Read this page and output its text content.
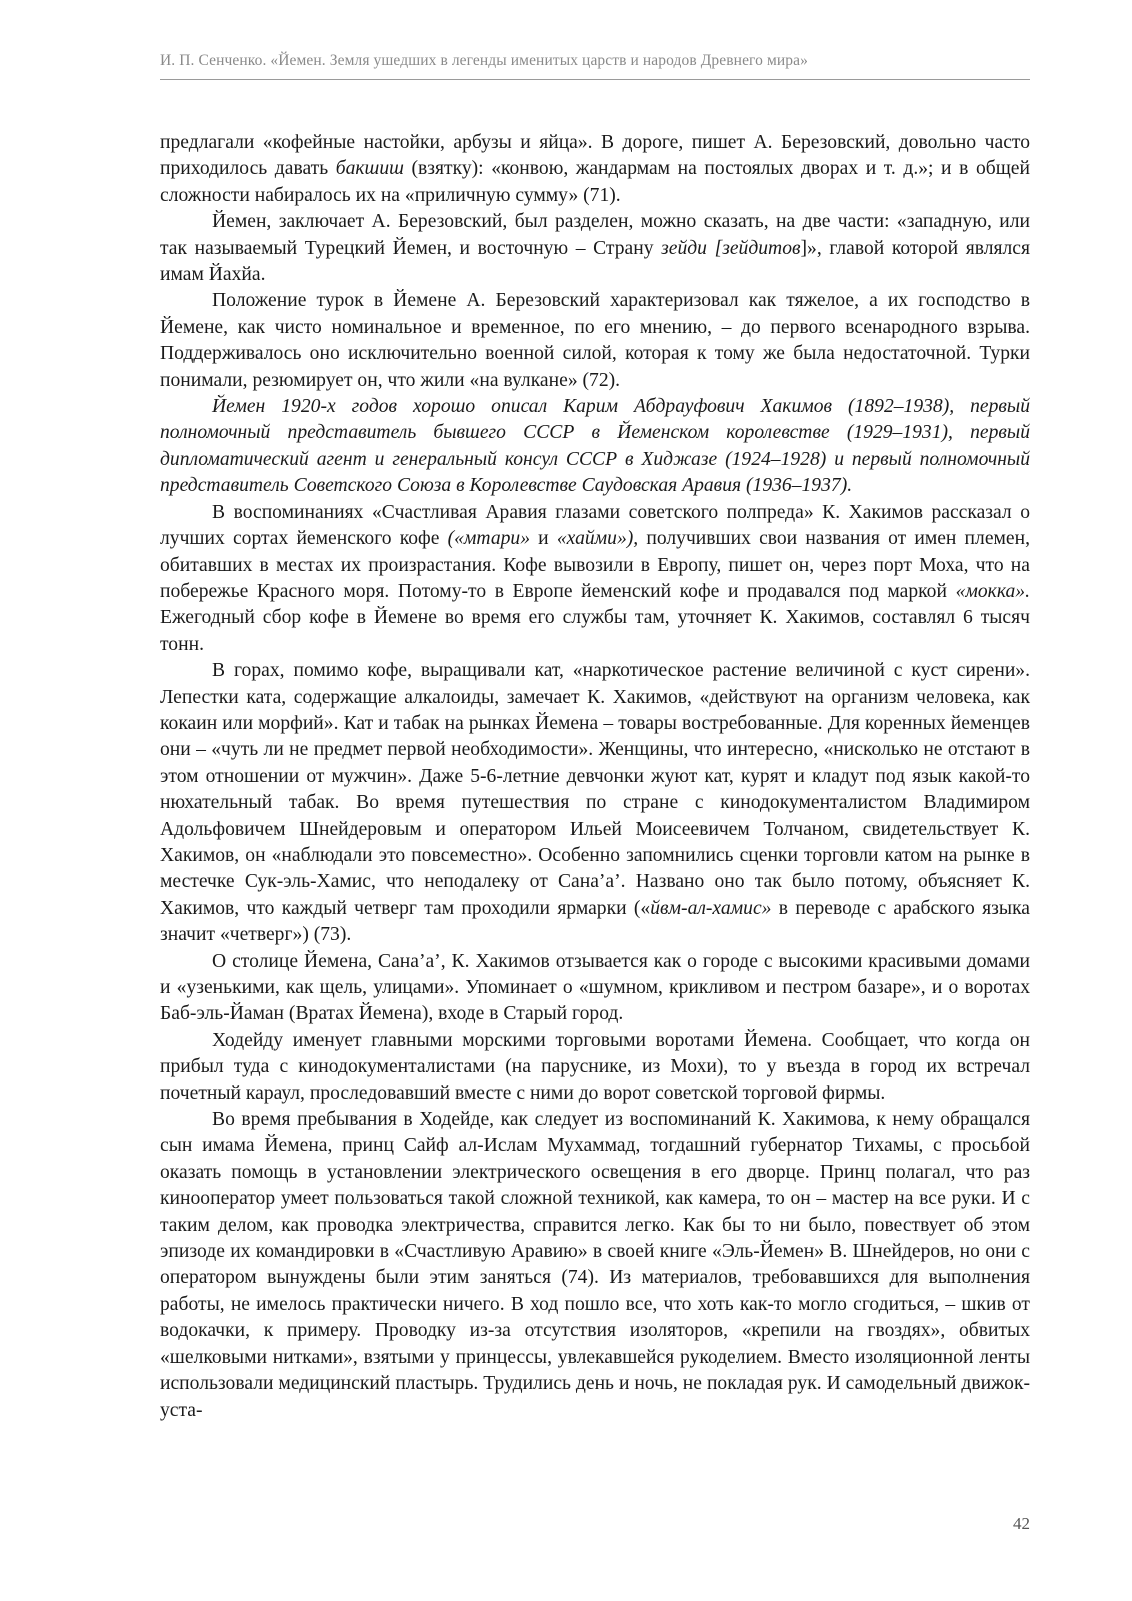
И. П. Сенченко. «Йемен. Земля ушедших в легенды именитых царств и народов Древнего мира»

предлагали «кофейные настойки, арбузы и яйца». В дороге, пишет А. Березовский, довольно часто приходилось давать бакшиш (взятку): «конвою, жандармам на постоялых дворах и т. д.»; и в общей сложности набиралось их на «приличную сумму» (71).

Йемен, заключает А. Березовский, был разделен, можно сказать, на две части: «западную, или так называемый Турецкий Йемен, и восточную – Страну зейди [зейдитов]», главой которой являлся имам Йахйа.

Положение турок в Йемене А. Березовский характеризовал как тяжелое, а их господство в Йемене, как чисто номинальное и временное, по его мнению, – до первого всенародного взрыва. Поддерживалось оно исключительно военной силой, которая к тому же была недостаточной. Турки понимали, резюмирует он, что жили «на вулкане» (72).

Йемен 1920-х годов хорошо описал Карим Абдрауфович Хакимов (1892–1938), первый полномочный представитель бывшего СССР в Йеменском королевстве (1929–1931), первый дипломатический агент и генеральный консул СССР в Хиджазе (1924–1928) и первый полномочный представитель Советского Союза в Королевстве Саудовская Аравия (1936–1937).

В воспоминаниях «Счастливая Аравия глазами советского полпреда» К. Хакимов рассказал о лучших сортах йеменского кофе («мтари» и «хайми»), получивших свои названия от имен племен, обитавших в местах их произрастания. Кофе вывозили в Европу, пишет он, через порт Моха, что на побережье Красного моря. Потому-то в Европе йеменский кофе и продавался под маркой «мокка». Ежегодный сбор кофе в Йемене во время его службы там, уточняет К. Хакимов, составлял 6 тысяч тонн.

В горах, помимо кофе, выращивали кат, «наркотическое растение величиной с куст сирени». Лепестки ката, содержащие алкалоиды, замечает К. Хакимов, «действуют на организм человека, как кокаин или морфий». Кат и табак на рынках Йемена – товары востребованные. Для коренных йеменцев они – «чуть ли не предмет первой необходимости». Женщины, что интересно, «нисколько не отстают в этом отношении от мужчин». Даже 5-6-летние девчонки жуют кат, курят и кладут под язык какой-то нюхательный табак. Во время путешествия по стране с кинодокументалистом Владимиром Адольфовичем Шнейдеровым и оператором Ильей Моисеевичем Толчаном, свидетельствует К. Хакимов, он «наблюдали это повсеместно». Особенно запомнились сценки торговли катом на рынке в местечке Сук-эль-Хамис, что неподалеку от Сана’а’. Названо оно так было потому, объясняет К. Хакимов, что каждый четверг там проходили ярмарки («йвм-ал-хамис» в переводе с арабского языка значит «четверг») (73).

О столице Йемена, Сана’а’, К. Хакимов отзывается как о городе с высокими красивыми домами и «узенькими, как щель, улицами». Упоминает о «шумном, крикливом и пестром базаре», и о воротах Баб-эль-Йаман (Вратах Йемена), входе в Старый город.

Ходейду именует главными морскими торговыми воротами Йемена. Сообщает, что когда он прибыл туда с кинодокументалистами (на паруснике, из Мохи), то у въезда в город их встречал почетный караул, проследовавший вместе с ними до ворот советской торговой фирмы.

Во время пребывания в Ходейде, как следует из воспоминаний К. Хакимова, к нему обращался сын имама Йемена, принц Сайф ал-Ислам Мухаммад, тогдашний губернатор Тихамы, с просьбой оказать помощь в установлении электрического освещения в его дворце. Принц полагал, что раз кинооператор умеет пользоваться такой сложной техникой, как камера, то он – мастер на все руки. И с таким делом, как проводка электричества, справится легко. Как бы то ни было, повествует об этом эпизоде их командировки в «Счастливую Аравию» в своей книге «Эль-Йемен» В. Шнейдеров, но они с оператором вынуждены были этим заняться (74). Из материалов, требовавшихся для выполнения работы, не имелось практически ничего. В ход пошло все, что хоть как-то могло сгодиться, – шкив от водокачки, к примеру. Проводку из-за отсутствия изоляторов, «крепили на гвоздях», обвитых «шелковыми нитками», взятыми у принцессы, увлекавшейся рукоделием. Вместо изоляционной ленты использовали медицинский пластырь. Трудились день и ночь, не покладая рук. И самодельный движок-уста-

42
